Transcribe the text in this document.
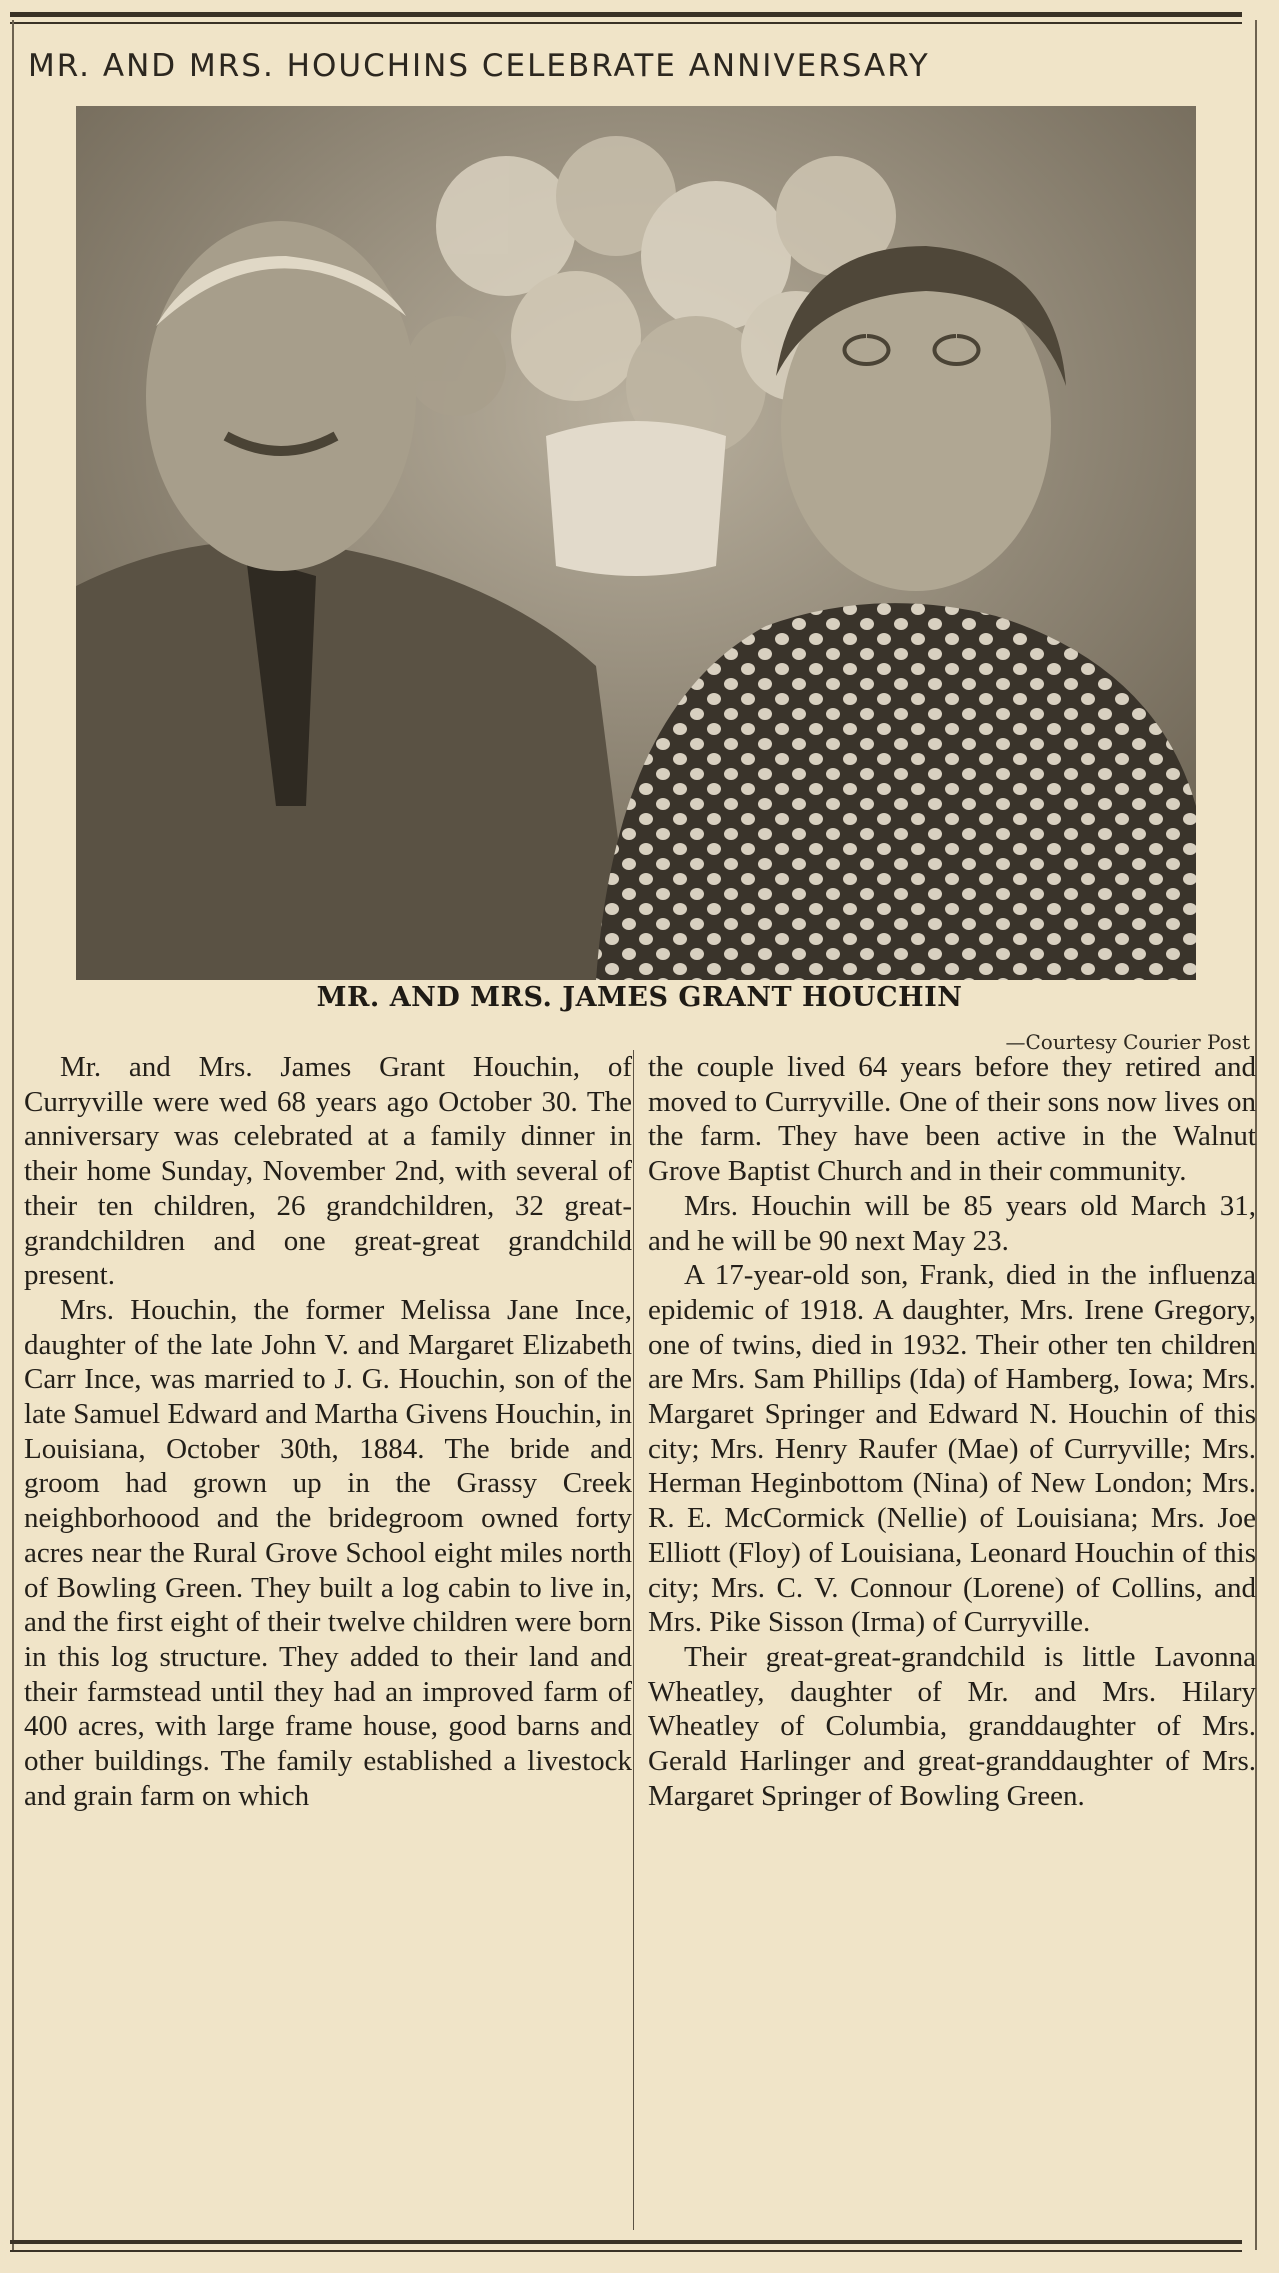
MR. AND MRS. HOUCHINS CELEBRATE ANNIVERSARY
MR. AND MRS. JAMES GRANT HOUCHIN
—Courtesy Courier Post

Mr. and Mrs. James Grant Houchin, of Curryville were wed 68 years ago October 30. The anniversary was celebrated at a family dinner in their home Sunday, November 2nd, with several of their ten children, 26 grandchildren, 32 great-grandchildren and one great-great grandchild present.

Mrs. Houchin, the former Melissa Jane Ince, daughter of the late John V. and Margaret Elizabeth Carr Ince, was married to J. G. Houchin, son of the late Samuel Edward and Martha Givens Houchin, in Louisiana, October 30th, 1884. The bride and groom had grown up in the Grassy Creek neighborhoood and the bridegroom owned forty acres near the Rural Grove School eight miles north of Bowling Green. They built a log cabin to live in, and the first eight of their twelve children were born in this log structure. They added to their land and their farmstead until they had an improved farm of 400 acres, with large frame house, good barns and other buildings. The family established a livestock and grain farm on which

the couple lived 64 years before they retired and moved to Curryville. One of their sons now lives on the farm. They have been active in the Walnut Grove Baptist Church and in their community.

Mrs. Houchin will be 85 years old March 31, and he will be 90 next May 23.

A 17-year-old son, Frank, died in the influenza epidemic of 1918. A daughter, Mrs. Irene Gregory, one of twins, died in 1932. Their other ten children are Mrs. Sam Phillips (Ida) of Hamberg, Iowa; Mrs. Margaret Springer and Edward N. Houchin of this city; Mrs. Henry Raufer (Mae) of Curryville; Mrs. Herman Heginbottom (Nina) of New London; Mrs. R. E. McCormick (Nellie) of Louisiana; Mrs. Joe Elliott (Floy) of Louisiana, Leonard Houchin of this city; Mrs. C. V. Connour (Lorene) of Collins, and Mrs. Pike Sisson (Irma) of Curryville.

Their great-great-grandchild is little Lavonna Wheatley, daughter of Mr. and Mrs. Hilary Wheatley of Columbia, granddaughter of Mrs. Gerald Harlinger and great-granddaughter of Mrs. Margaret Springer of Bowling Green.
